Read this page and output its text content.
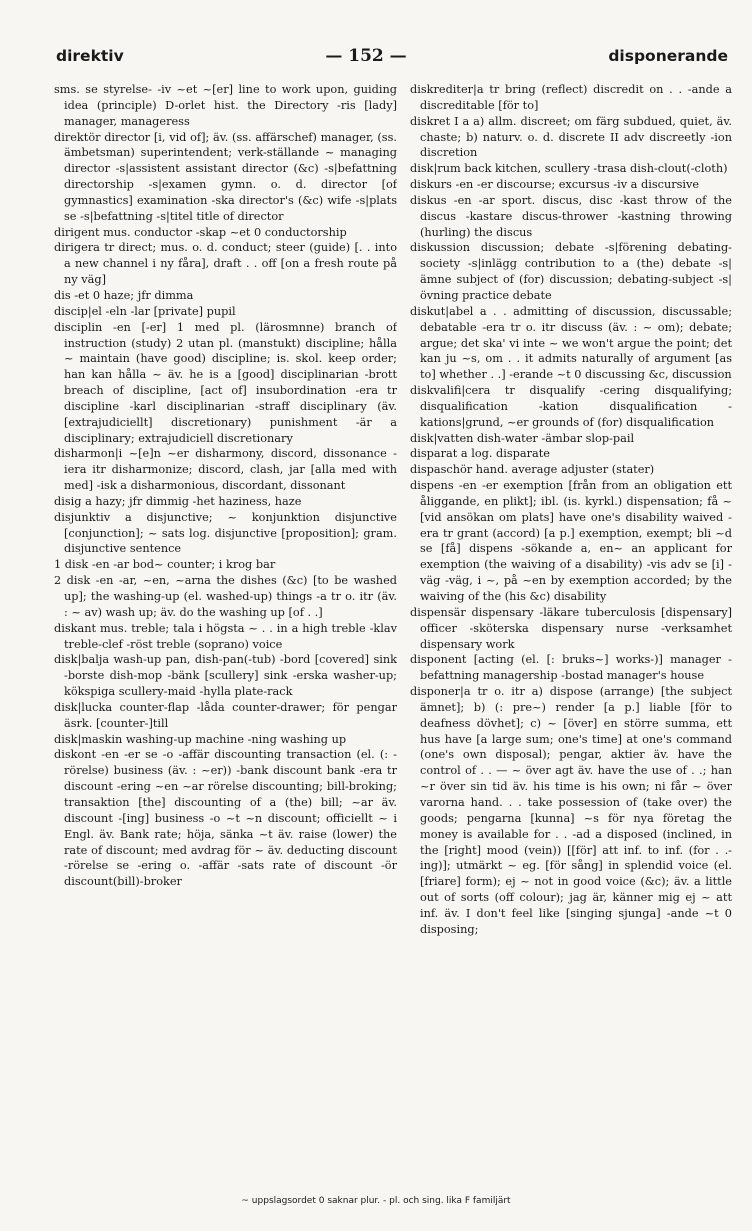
direktiv	— 152 —	disponerande

sms. se styrelse- -iv ~et ~[er] line to work upon, guiding idea (principle) D-orlet hist. the Directory -ris [lady] manager, manageress

direktör director [i, vid of]; äv. (ss. affärschef) manager, (ss. ämbetsman) superintendent; verk-ställande ~ managing director -s|assistent assistant director (&c) -s|befattning directorship -s|examen gymn. o. d. director [of gymnastics] examination -ska director's (&c) wife -s|plats se -s|befattning -s|titel title of director

dirigent mus. conductor -skap ~et 0 conductorship

dirigera tr direct; mus. o. d. conduct; steer (guide) [. . into a new channel i ny fåra], draft . . off [on a fresh route på ny väg]

dis -et 0 haze; jfr dimma

discip|el -eln -lar [private] pupil

disciplin -en [-er] 1 med pl. (lärosmnne) branch of instruction (study) 2 utan pl. (manstukt) discipline; hålla ~ maintain (have good) discipline; is. skol. keep order; han kan hålla ~ äv. he is a [good] disciplinarian -brott breach of discipline, [act of] insubordination -era tr discipline -karl disciplinarian -straff disciplinary (äv. [extrajudiciellt] discretionary) punishment -är a disciplinary; extrajudiciell discretionary

disharmon|i ~[e]n ~er disharmony, discord, dissonance -iera itr disharmonize; discord, clash, jar [alla med with med] -isk a disharmonious, discordant, dissonant

disig a hazy; jfr dimmig -het haziness, haze

disjunktiv a disjunctive; ~ konjunktion disjunctive [conjunction]; ~ sats log. disjunctive [proposition]; gram. disjunctive sentence

1 disk -en -ar bod~ counter; i krog bar

2 disk -en -ar, ~en, ~arna the dishes (&c) [to be washed up]; the washing-up (el. washed-up) things -a tr o. itr (äv. : ~ av) wash up; äv. do the washing up [of . .]

diskant mus. treble; tala i högsta ~ . . in a high treble -klav treble-clef -röst treble (soprano) voice

disk|balja wash-up pan, dish-pan(-tub) -bord [covered] sink -borste dish-mop -bänk [scullery] sink -erska washer-up; kökspiga scullery-maid -hylla plate-rack

disk|lucka counter-flap -låda counter-drawer; för pengar äsrk. [counter-]till

disk|maskin washing-up machine -ning washing up

diskont -en -er se -o -affär discounting transaction (el. (: -rörelse) business (äv. : ~er)) -bank discount bank -era tr discount -ering ~en ~ar rörelse discounting; bill-broking; transaktion [the] discounting of a (the) bill; ~ar äv. discount -[ing] business -o ~t ~n discount; officiellt ~ i Engl. äv. Bank rate; höja, sänka ~t äv. raise (lower) the rate of discount; med avdrag för ~ äv. deducting discount -rörelse se -ering o. -affär -sats rate of discount -ör discount(bill)-broker

diskrediter|a tr bring (reflect) discredit on . . -ande a discreditable [för to]

diskret I a a) allm. discreet; om färg subdued, quiet, äv. chaste; b) naturv. o. d. discrete II adv discreetly -ion discretion

disk|rum back kitchen, scullery -trasa dish-clout(-cloth)

diskurs -en -er discourse; excursus -iv a discursive

diskus -en -ar sport. discus, disc -kast throw of the discus -kastare discus-thrower -kastning throwing (hurling) the discus

diskussion discussion; debate -s|förening debating-society -s|inlägg contribution to a (the) debate -s|ämne subject of (for) discussion; debating-subject -s|övning practice debate

diskut|abel a . . admitting of discussion, discussable; debatable -era tr o. itr discuss (äv. : ~ om); debate; argue; det ska' vi inte ~ we won't argue the point; det kan ju ~s, om . . it admits naturally of argument [as to] whether . .] -erande ~t 0 discussing &c, discussion

diskvalifi|cera tr disqualify -cering disqualifying; disqualification -kation disqualification -kations|grund, ~er grounds of (for) disqualification

disk|vatten dish-water -ämbar slop-pail

disparat a log. disparate

dispaschör hand. average adjuster (stater)

dispens -en -er exemption [från from an obligation ett åliggande, en plikt]; ibl. (is. kyrkl.) dispensation; få ~ [vid ansökan om plats] have one's disability waived -era tr grant (accord) [a p.] exemption, exempt; bli ~d se [få] dispens -sökande a, en~ an applicant for exemption (the waiving of a disability) -vis adv se [i] -väg -väg, i ~, på ~en by exemption accorded; by the waiving of the (his &c) disability

dispensär dispensary -läkare tuberculosis [dispensary] officer -sköterska dispensary nurse -verksamhet dispensary work

disponent [acting (el. [: bruks~] works-)] manager -befattning managership -bostad manager's house

disponer|a tr o. itr a) dispose (arrange) [the subject ämnet]; b) (: pre~) render [a p.] liable [för to deafness dövhet]; c) ~ [över] en större summa, ett hus have [a large sum; one's time] at one's command (one's own disposal); pengar, aktier äv. have the control of . . — ~ över agt äv. have the use of . .; han ~r över sin tid äv. his time is his own; ni får ~ över varorna hand. . . take possession of (take over) the goods; pengarna [kunna] ~s för nya företag the money is available for . . -ad a disposed (inclined, in the [right] mood (vein)) [[för] att inf. to inf. (for . .-ing)]; utmärkt ~ eg. [för sång] in splendid voice (el. [friare] form); ej ~ not in good voice (&c); äv. a little out of sorts (off colour); jag är, känner mig ej ~ att inf. äv. I don't feel like [singing sjunga] -ande ~t 0 disposing;

~ uppslagsordet 0 saknar plur. - pl. och sing. lika F familjärt
